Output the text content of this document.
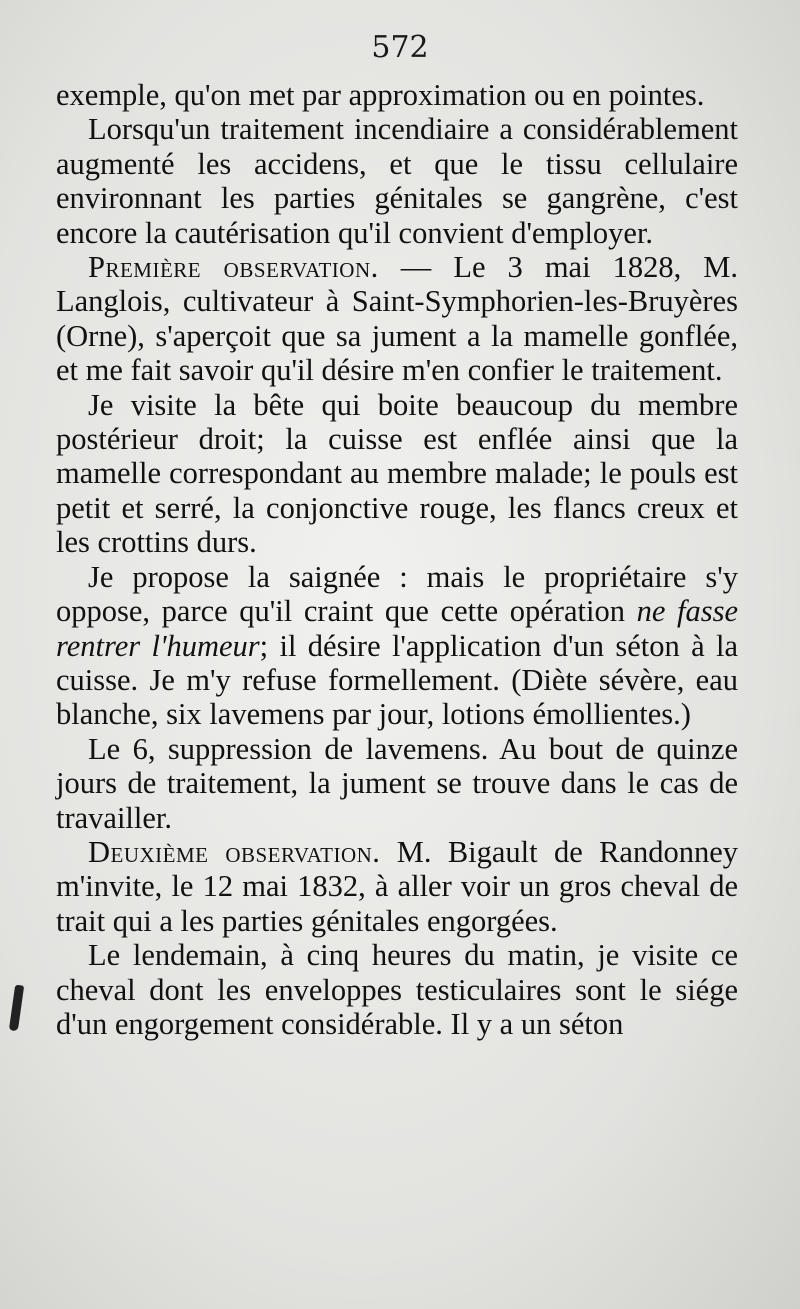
572

exemple, qu'on met par approximation ou en pointes.

Lorsqu'un traitement incendiaire a considérablement augmenté les accidens, et que le tissu cellulaire environnant les parties génitales se gangrène, c'est encore la cautérisation qu'il convient d'employer.

Première observation. — Le 3 mai 1828, M. Langlois, cultivateur à Saint-Symphorien-les-Bruyères (Orne), s'aperçoit que sa jument a la mamelle gonflée, et me fait savoir qu'il désire m'en confier le traitement.

Je visite la bête qui boite beaucoup du membre postérieur droit; la cuisse est enflée ainsi que la mamelle correspondant au membre malade; le pouls est petit et serré, la conjonctive rouge, les flancs creux et les crottins durs.

Je propose la saignée : mais le propriétaire s'y oppose, parce qu'il craint que cette opération ne fasse rentrer l'humeur; il désire l'application d'un séton à la cuisse. Je m'y refuse formellement. (Diète sévère, eau blanche, six lavemens par jour, lotions émollientes.)

Le 6, suppression de lavemens. Au bout de quinze jours de traitement, la jument se trouve dans le cas de travailler.

Deuxième observation. M. Bigault de Randonney m'invite, le 12 mai 1832, à aller voir un gros cheval de trait qui a les parties génitales engorgées.

Le lendemain, à cinq heures du matin, je visite ce cheval dont les enveloppes testiculaires sont le siége d'un engorgement considérable. Il y a un séton
